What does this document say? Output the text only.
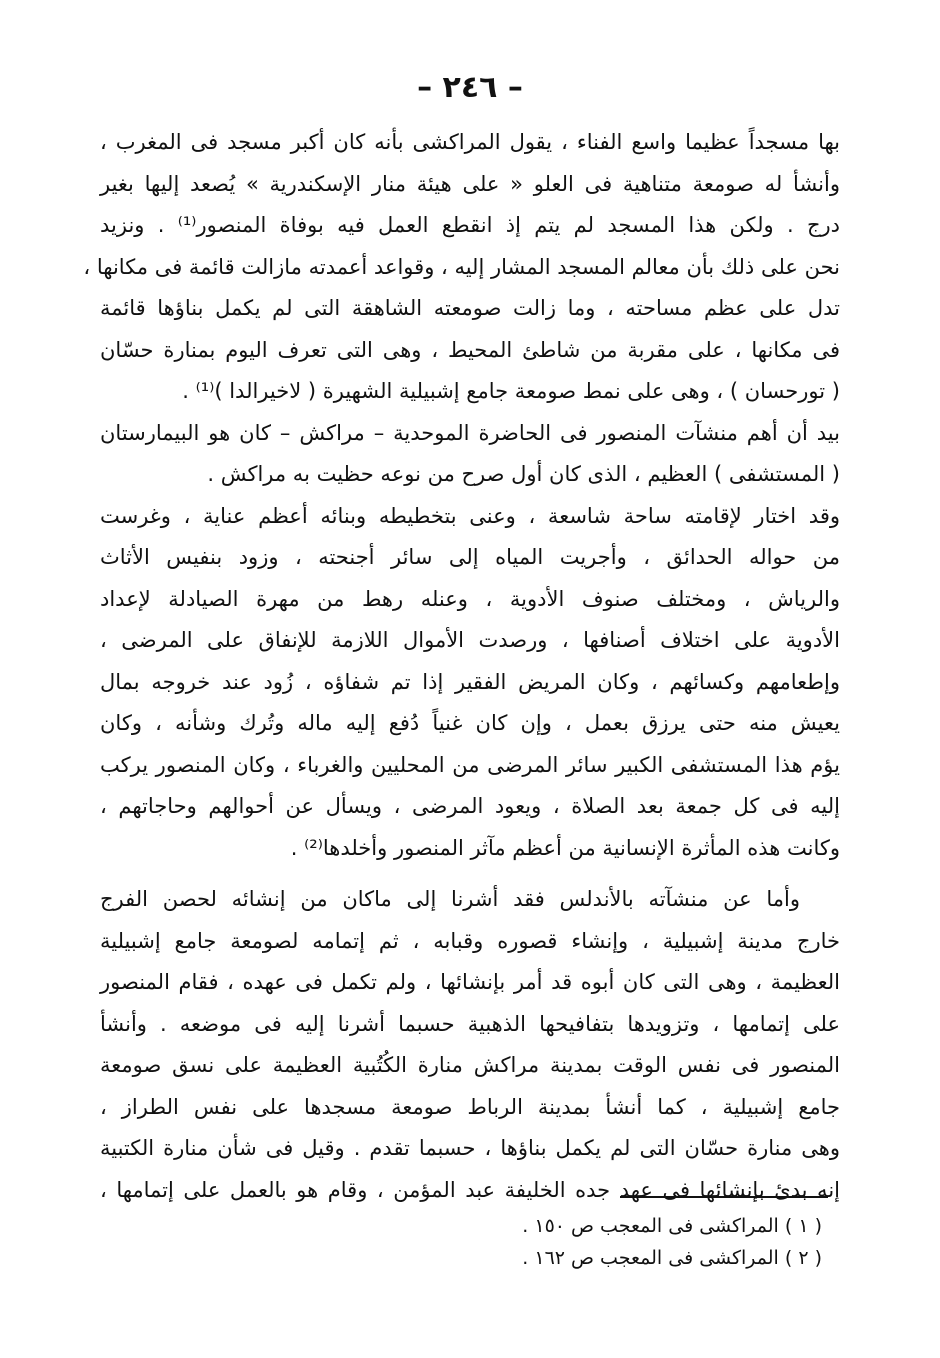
– ٢٤٦ –
بها مسجداً عظيما واسع الفناء ، يقول المراكشى بأنه كان أكبر مسجد فى المغرب ،
وأنشأ له صومعة متناهية فى العلو « على هيئة منار الإسكندرية » يُصعد إليها بغير
درج . ولكن هذا المسجد لم يتم إذ انقطع العمل فيه بوفاة المنصور⁽¹⁾ . ونزيد
نحن على ذلك بأن معالم المسجد المشار إليه ، وقواعد أعمدته مازالت قائمة فى مكانها ،
تدل على عظم مساحته ، وما زالت صومعته الشاهقة التى لم يكمل بناؤها قائمة
فى مكانها ، على مقربة من شاطئ المحيط ، وهى التى تعرف اليوم بمنارة حسّان
( تورحسان ) ، وهى على نمط صومعة جامع إشبيلية الشهيرة ( لاخيرالدا )⁽¹⁾ .
بيد أن أهم منشآت المنصور فى الحاضرة الموحدية – مراكش – كان هو البيمارستان
( المستشفى ) العظيم ، الذى كان أول صرح من نوعه حظيت به مراكش .
وقد اختار لإقامته ساحة شاسعة ، وعنى بتخطيطه وبنائه أعظم عناية ، وغرست
من حواله الحدائق ، وأجريت المياه إلى سائر أجنحته ، وزود بنفيس الأثاث
والرياش ، ومختلف صنوف الأدوية ، وعنله رهط من مهرة الصيادلة لإعداد
الأدوية على اختلاف أصنافها ، ورصدت الأموال اللازمة للإنفاق على المرضى ،
وإطعامهم وكسائهم ، وكان المريض الفقير إذا تم شفاؤه ، زُود عند خروجه بمال
يعيش منه حتى يرزق بعمل ، وإن كان غنياً دُفع إليه ماله وتُرك وشأنه ، وكان
يؤم هذا المستشفى الكبير سائر المرضى من المحليين والغرباء ، وكان المنصور يركب
إليه فى كل جمعة بعد الصلاة ، ويعود المرضى ، ويسأل عن أحوالهم وحاجاتهم ،
وكانت هذه المأثرة الإنسانية من أعظم مآثر المنصور وأخلدها⁽²⁾ .
وأما عن منشآته بالأندلس فقد أشرنا إلى ماكان من إنشائه لحصن الفرج
خارج مدينة إشبيلية ، وإنشاء قصوره وقبابه ، ثم إتمامه لصومعة جامع إشبيلية
العظيمة ، وهى التى كان أبوه قد أمر بإنشائها ، ولم تكمل فى عهده ، فقام المنصور
على إتمامها ، وتزويدها بتفافيحها الذهبية حسبما أشرنا إليه فى موضعه . وأنشأ
المنصور فى نفس الوقت بمدينة مراكش منارة الكُتُبية العظيمة على نسق صومعة
جامع إشبيلية ، كما أنشأ بمدينة الرباط صومعة مسجدها على نفس الطراز ،
وهى منارة حسّان التى لم يكمل بناؤها ، حسبما تقدم . وقيل فى شأن منارة الكتبية
إنه بدئ بإنشائها فى عهد جده الخليفة عبد المؤمن ، وقام هو بالعمل على إتمامها ،
( ١ ) المراكشى فى المعجب ص ١٥٠ .
( ٢ ) المراكشى فى المعجب ص ١٦٢ .
